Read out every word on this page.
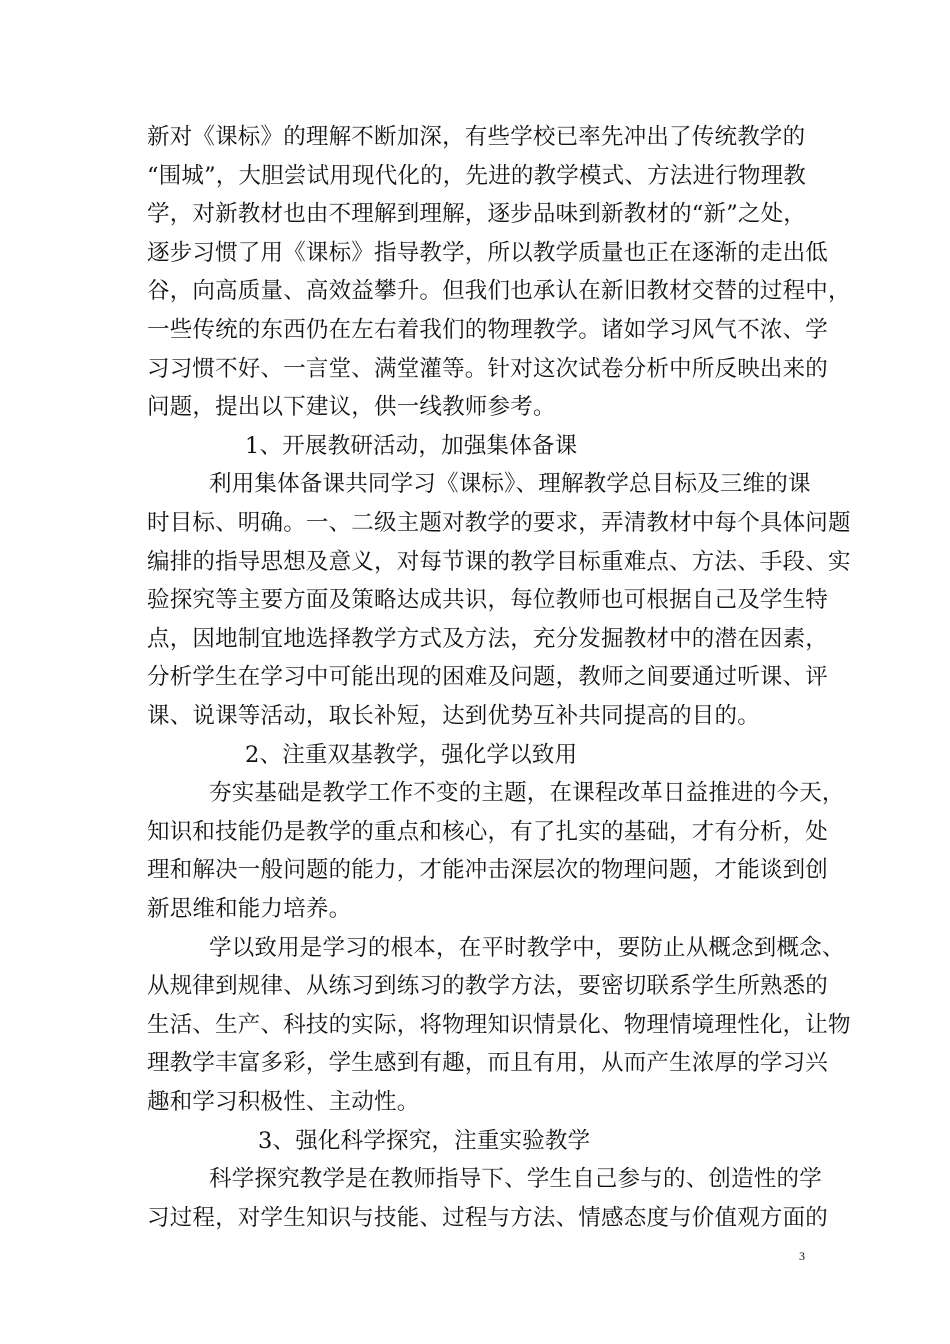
新对《课标》的理解不断加深，有些学校已率先冲出了传统教学的
“围城”，大胆尝试用现代化的，先进的教学模式、方法进行物理教
学，对新教材也由不理解到理解，逐步品味到新教材的“新”之处，
逐步习惯了用《课标》指导教学，所以教学质量也正在逐渐的走出低
谷，向高质量、高效益攀升。但我们也承认在新旧教材交替的过程中，
一些传统的东西仍在左右着我们的物理教学。诸如学习风气不浓、学
习习惯不好、一言堂、满堂灌等。针对这次试卷分析中所反映出来的
问题，提出以下建议，供一线教师参考。
1、开展教研活动，加强集体备课
利用集体备课共同学习《课标》、理解教学总目标及三维的课
时目标、明确。一、二级主题对教学的要求，弄清教材中每个具体问题
编排的指导思想及意义，对每节课的教学目标重难点、方法、手段、实
验探究等主要方面及策略达成共识，每位教师也可根据自己及学生特
点，因地制宜地选择教学方式及方法，充分发掘教材中的潜在因素，
分析学生在学习中可能出现的困难及问题，教师之间要通过听课、评
课、说课等活动，取长补短，达到优势互补共同提高的目的。
2、注重双基教学，强化学以致用
夯实基础是教学工作不变的主题，在课程改革日益推进的今天，
知识和技能仍是教学的重点和核心，有了扎实的基础，才有分析，处
理和解决一般问题的能力，才能冲击深层次的物理问题，才能谈到创
新思维和能力培养。
学以致用是学习的根本，在平时教学中，要防止从概念到概念、
从规律到规律、从练习到练习的教学方法，要密切联系学生所熟悉的
生活、生产、科技的实际，将物理知识情景化、物理情境理性化，让物
理教学丰富多彩，学生感到有趣，而且有用，从而产生浓厚的学习兴
趣和学习积极性、主动性。
3、强化科学探究，注重实验教学
科学探究教学是在教师指导下、学生自己参与的、创造性的学
习过程，对学生知识与技能、过程与方法、情感态度与价值观方面的
3
